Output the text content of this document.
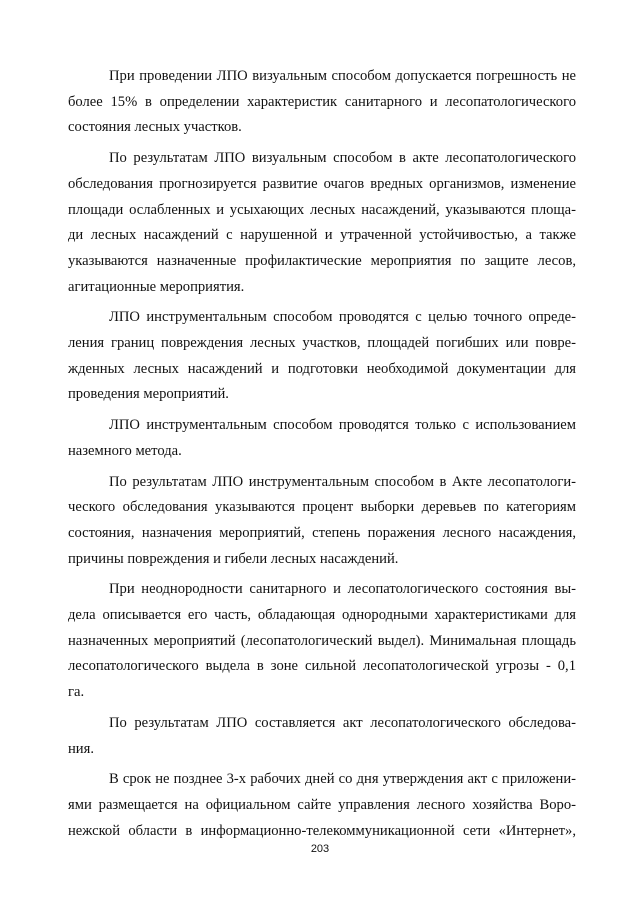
При проведении ЛПО визуальным способом допускается погрешность не
более 15% в определении характеристик санитарного и лесопатологического
состояния лесных участков.
По результатам ЛПО визуальным способом в акте лесопатологического
обследования прогнозируется развитие очагов вредных организмов, изменение
площади ослабленных и усыхающих лесных насаждений, указываются площа-
ди лесных насаждений с нарушенной и утраченной устойчивостью, а также
указываются назначенные профилактические мероприятия по защите лесов,
агитационные мероприятия.
ЛПО инструментальным способом проводятся с целью точного опреде-
ления границ повреждения лесных участков, площадей погибших или повре-
жденных лесных насаждений и подготовки необходимой документации для
проведения мероприятий.
ЛПО инструментальным способом проводятся только с использованием
наземного метода.
По результатам ЛПО инструментальным способом в Акте лесопатологи-
ческого обследования указываются процент выборки деревьев по категориям
состояния, назначения мероприятий, степень поражения лесного насаждения,
причины повреждения и гибели лесных насаждений.
При неоднородности санитарного и лесопатологического состояния вы-
дела описывается его часть, обладающая однородными характеристиками для
назначенных мероприятий (лесопатологический выдел). Минимальная площадь
лесопатологического выдела в зоне сильной лесопатологической угрозы - 0,1
га.
По результатам ЛПО составляется акт лесопатологического обследова-
ния.
В срок не позднее 3-х рабочих дней со дня утверждения акт с приложени-
ями размещается на официальном сайте управления лесного хозяйства Воро-
нежской области в информационно-телекоммуникационной сети «Интернет»,
203
